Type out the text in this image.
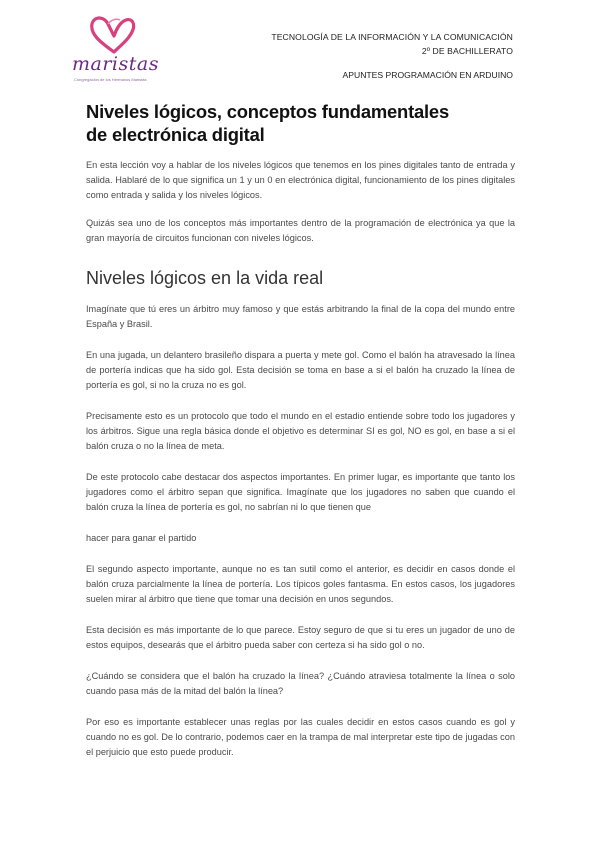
maristas
Congregación de los Hermanos Maristas
TECNOLOGÍA DE LA INFORMACIÓN Y LA COMUNICACIÓN
2º DE BACHILLERATO
APUNTES PROGRAMACIÓN EN ARDUINO
Niveles lógicos, conceptos fundamentales de electrónica digital

En esta lección voy a hablar de los niveles lógicos que tenemos en los pines digitales tanto de entrada y salida. Hablaré de lo que significa un 1 y un 0 en electrónica digital, funcionamiento de los pines digitales como entrada y salida y los niveles lógicos.

Quizás sea uno de los conceptos más importantes dentro de la programación de electrónica ya que la gran mayoría de circuitos funcionan con niveles lógicos.

Niveles lógicos en la vida real

Imagínate que tú eres un árbitro muy famoso y que estás arbitrando la final de la copa del mundo entre España y Brasil.

En una jugada, un delantero brasileño dispara a puerta y mete gol. Como el balón ha atravesado la línea de portería indicas que ha sido gol. Esta decisión se toma en base a si el balón ha cruzado la línea de portería es gol, si no la cruza no es gol.

Precisamente esto es un protocolo que todo el mundo en el estadio entiende sobre todo los jugadores y los árbitros. Sigue una regla básica donde el objetivo es determinar SI es gol, NO es gol, en base a si el balón cruza o no la línea de meta.

De este protocolo cabe destacar dos aspectos importantes. En primer lugar, es importante que tanto los jugadores como el árbitro sepan que significa. Imagínate que los jugadores no saben que cuando el balón cruza la línea de portería es gol, no sabrían ni lo que tienen que

hacer para ganar el partido

El segundo aspecto importante, aunque no es tan sutil como el anterior, es decidir en casos donde el balón cruza parcialmente la línea de portería. Los típicos goles fantasma. En estos casos, los jugadores suelen mirar al árbitro que tiene que tomar una decisión en unos segundos.

Esta decisión es más importante de lo que parece. Estoy seguro de que si tu eres un jugador de uno de estos equipos, desearás que el árbitro pueda saber con certeza si ha sido gol o no.

¿Cuándo se considera que el balón ha cruzado la línea? ¿Cuándo atraviesa totalmente la línea o solo cuando pasa más de la mitad del balón la línea?

Por eso es importante establecer unas reglas por las cuales decidir en estos casos cuando es gol y cuando no es gol. De lo contrario, podemos caer en la trampa de mal interpretar este tipo de jugadas con el perjuicio que esto puede producir.
